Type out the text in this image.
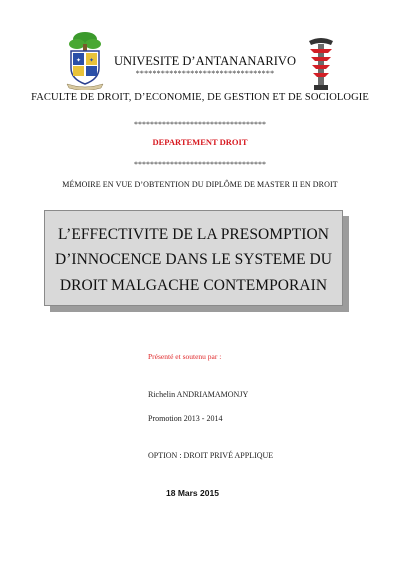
✦ ✦	UNIVESITE D’ANTANANARIVO
*********************************
FACULTE DE DROIT, D’ECONOMIE, DE GESTION ET DE SOCIOLOGIE
*********************************
DEPARTEMENT DROIT
*********************************
MÉMOIRE EN VUE D’OBTENTION DU DIPLÔME DE MASTER II EN DROIT
L’EFFECTIVITE DE LA PRESOMPTION
D’INNOCENCE DANS LE SYSTEME DU
DROIT MALGACHE CONTEMPORAIN
Présenté et soutenu par :
Richelin ANDRIAMAMONJY
Promotion 2013 - 2014
OPTION : DROIT PRIVÉ APPLIQUE
18 Mars 2015
